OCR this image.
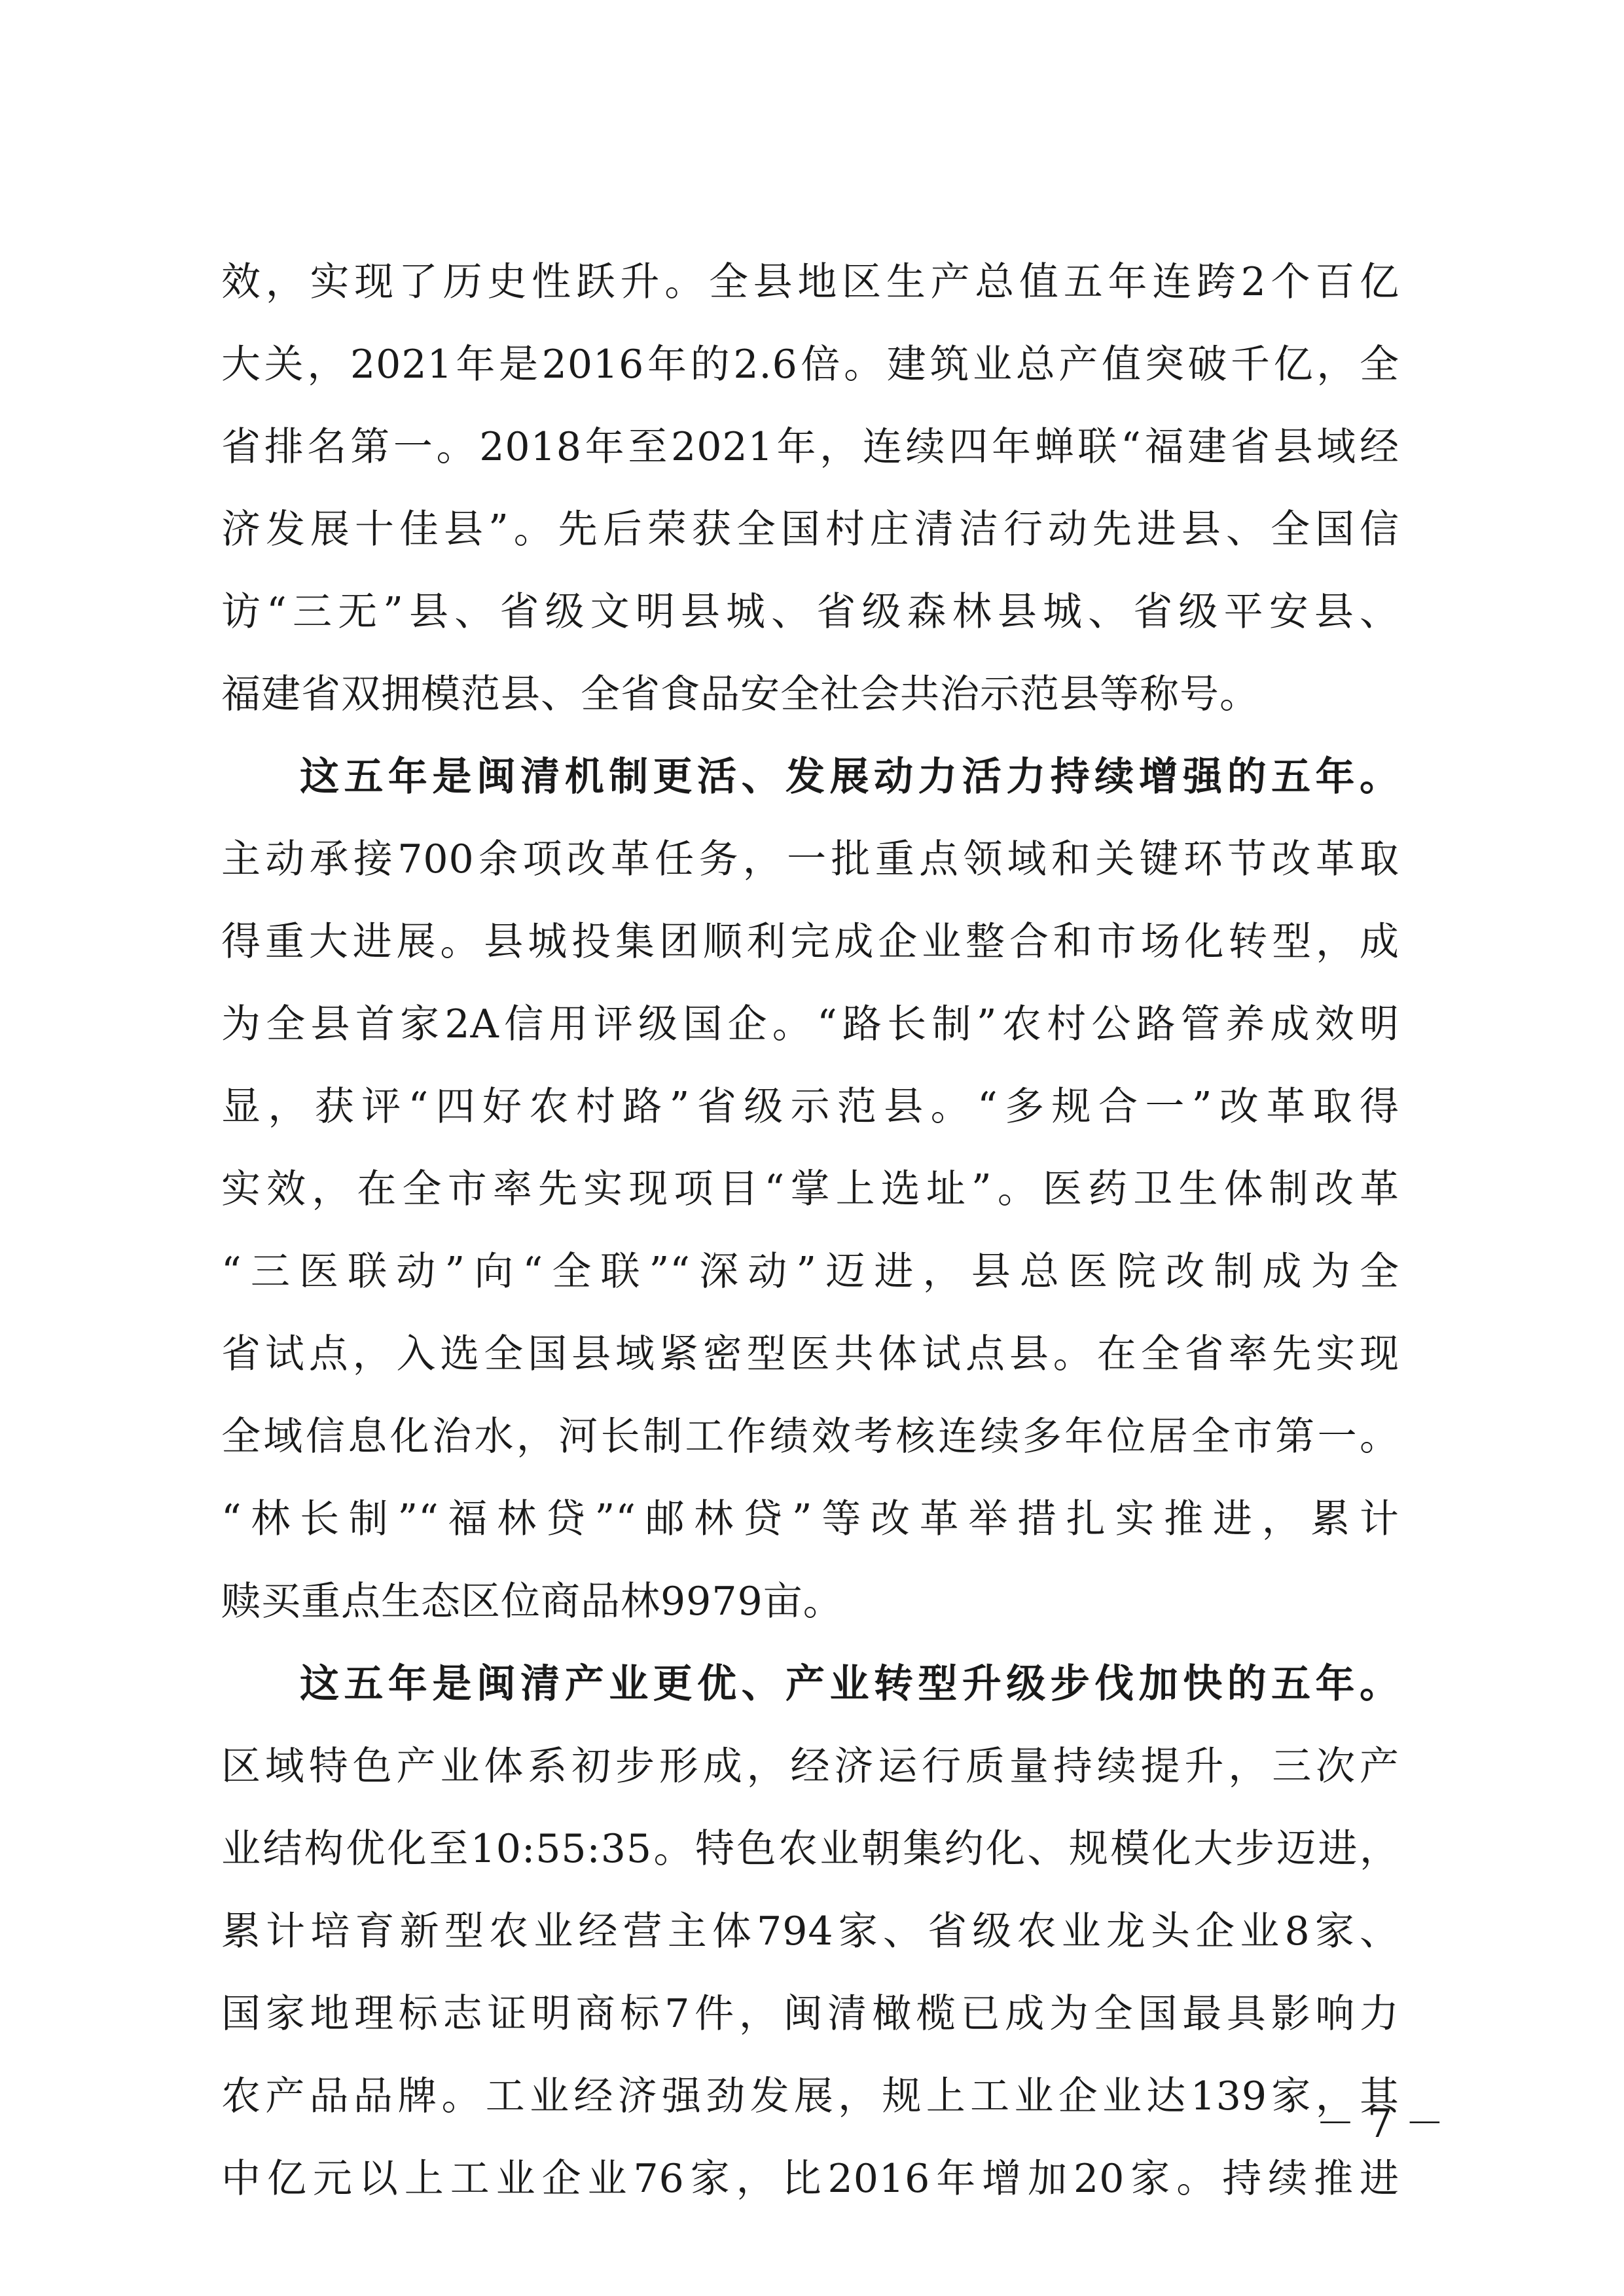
效，实现了历史性跃升。全县地区生产总值五年连跨2个百亿
大关，2021年是2016年的2.6倍。建筑业总产值突破千亿，全
省排名第一。2018年至2021年，连续四年蝉联“福建省县域经
济发展十佳县”。先后荣获全国村庄清洁行动先进县、全国信
访“三无”县、省级文明县城、省级森林县城、省级平安县、
福建省双拥模范县、全省食品安全社会共治示范县等称号。
这五年是闽清机制更活、发展动力活力持续增强的五年。
主动承接700余项改革任务，一批重点领域和关键环节改革取
得重大进展。县城投集团顺利完成企业整合和市场化转型，成
为全县首家2A信用评级国企。“路长制”农村公路管养成效明
显，获评“四好农村路”省级示范县。“多规合一”改革取得
实效，在全市率先实现项目“掌上选址”。医药卫生体制改革
“三医联动”向“全联”“深动”迈进，县总医院改制成为全
省试点，入选全国县域紧密型医共体试点县。在全省率先实现
全域信息化治水，河长制工作绩效考核连续多年位居全市第一。
“林长制”“福林贷”“邮林贷”等改革举措扎实推进，累计
赎买重点生态区位商品林9979亩。
这五年是闽清产业更优、产业转型升级步伐加快的五年。
区域特色产业体系初步形成，经济运行质量持续提升，三次产
业结构优化至10:55:35。特色农业朝集约化、规模化大步迈进，
累计培育新型农业经营主体794家、省级农业龙头企业8家、
国家地理标志证明商标7件，闽清橄榄已成为全国最具影响力
农产品品牌。工业经济强劲发展，规上工业企业达139家，其
中亿元以上工业企业76家，比2016年增加20家。持续推进
－ 7 －
